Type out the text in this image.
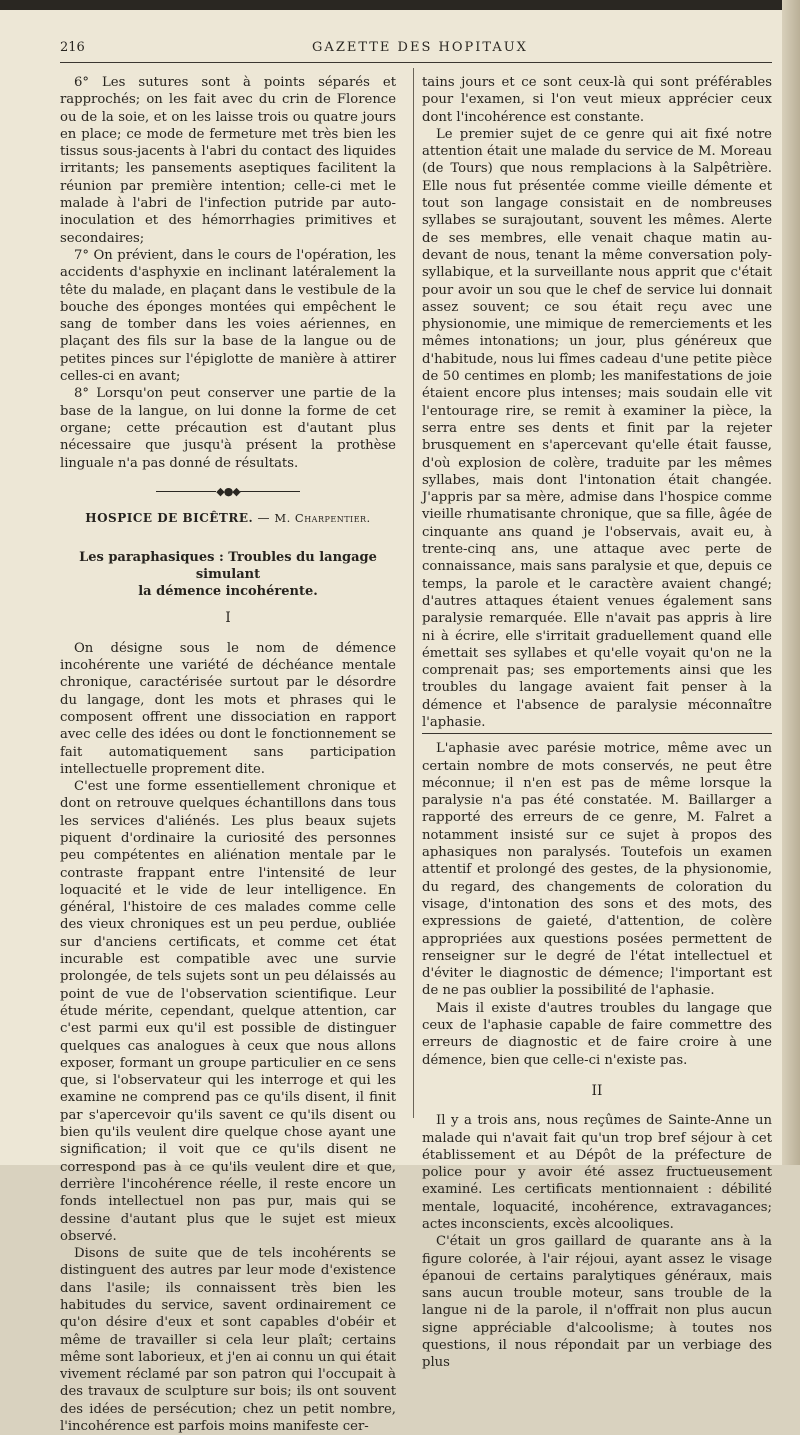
216	GAZETTE DES HOPITAUX

6° Les sutures sont à points séparés et rapprochés; on les fait avec du crin de Florence ou de la soie, et on les laisse trois ou quatre jours en place; ce mode de fermeture met très bien les tissus sous-jacents à l'abri du contact des liquides irritants; les pansements aseptiques facilitent la réunion par première intention; celle-ci met le malade à l'abri de l'infection putride par auto-inoculation et des hémorrhagies primitives et secondaires;

7° On prévient, dans le cours de l'opération, les accidents d'asphyxie en inclinant latéralement la tête du malade, en plaçant dans le vestibule de la bouche des éponges montées qui empêchent le sang de tomber dans les voies aériennes, en plaçant des fils sur la base de la langue ou de petites pinces sur l'épiglotte de manière à attirer celles-ci en avant;

8° Lorsqu'on peut conserver une partie de la base de la langue, on lui donne la forme de cet organe; cette précaution est d'autant plus nécessaire que jusqu'à présent la prothèse linguale n'a pas donné de résultats.

◆●◆
HOSPICE DE BICÊTRE. — M. Charpentier.
Les paraphasiques : Troubles du langage simulant
la démence incohérente.
I

On désigne sous le nom de démence incohérente une variété de déchéance mentale chronique, caractérisée surtout par le désordre du langage, dont les mots et phrases qui le composent offrent une dissociation en rapport avec celle des idées ou dont le fonctionnement se fait automatiquement sans participation intellectuelle proprement dite.

C'est une forme essentiellement chronique et dont on retrouve quelques échantillons dans tous les services d'aliénés. Les plus beaux sujets piquent d'ordinaire la curiosité des personnes peu compétentes en aliénation mentale par le contraste frappant entre l'intensité de leur loquacité et le vide de leur intelligence. En général, l'histoire de ces malades comme celle des vieux chroniques est un peu perdue, oubliée sur d'anciens certificats, et comme cet état incurable est compatible avec une survie prolongée, de tels sujets sont un peu délaissés au point de vue de l'observation scientifique. Leur étude mérite, cependant, quelque attention, car c'est parmi eux qu'il est possible de distinguer quelques cas analogues à ceux que nous allons exposer, formant un groupe particulier en ce sens que, si l'observateur qui les interroge et qui les examine ne comprend pas ce qu'ils disent, il finit par s'apercevoir qu'ils savent ce qu'ils disent ou bien qu'ils veulent dire quelque chose ayant une signification; il voit que ce qu'ils disent ne correspond pas à ce qu'ils veulent dire et que, derrière l'incohérence réelle, il reste encore un fonds intellectuel non pas pur, mais qui se dessine d'autant plus que le sujet est mieux observé.

Disons de suite que de tels incohérents se distinguent des autres par leur mode d'existence dans l'asile; ils connaissent très bien les habitudes du service, savent ordinairement ce qu'on désire d'eux et sont capables d'obéir et même de travailler si cela leur plaît; certains même sont laborieux, et j'en ai connu un qui était vivement réclamé par son patron qui l'occupait à des travaux de sculpture sur bois; ils ont souvent des idées de persécution; chez un petit nombre, l'incohérence est parfois moins manifeste cer-

tains jours et ce sont ceux-là qui sont préférables pour l'examen, si l'on veut mieux apprécier ceux dont l'incohérence est constante.

Le premier sujet de ce genre qui ait fixé notre attention était une malade du service de M. Moreau (de Tours) que nous remplacions à la Salpêtrière. Elle nous fut présentée comme vieille démente et tout son langage consistait en de nombreuses syllabes se surajoutant, souvent les mêmes. Alerte de ses membres, elle venait chaque matin au-devant de nous, tenant la même conversation poly-syllabique, et la surveillante nous apprit que c'était pour avoir un sou que le chef de service lui donnait assez souvent; ce sou était reçu avec une physionomie, une mimique de remerciements et les mêmes intonations; un jour, plus généreux que d'habitude, nous lui fîmes cadeau d'une petite pièce de 50 centimes en plomb; les manifestations de joie étaient encore plus intenses; mais soudain elle vit l'entourage rire, se remit à examiner la pièce, la serra entre ses dents et finit par la rejeter brusquement en s'apercevant qu'elle était fausse, d'où explosion de colère, traduite par les mêmes syllabes, mais dont l'intonation était changée. J'appris par sa mère, admise dans l'hospice comme vieille rhumatisante chronique, que sa fille, âgée de cinquante ans quand je l'observais, avait eu, à trente-cinq ans, une attaque avec perte de connaissance, mais sans paralysie et que, depuis ce temps, la parole et le caractère avaient changé; d'autres attaques étaient venues également sans paralysie remarquée. Elle n'avait pas appris à lire ni à écrire, elle s'irritait graduellement quand elle émettait ses syllabes et qu'elle voyait qu'on ne la comprenait pas; ses emportements ainsi que les troubles du langage avaient fait penser à la démence et l'absence de paralysie méconnaître l'aphasie.

L'aphasie avec parésie motrice, même avec un certain nombre de mots conservés, ne peut être méconnue; il n'en est pas de même lorsque la paralysie n'a pas été constatée. M. Baillarger a rapporté des erreurs de ce genre, M. Falret a notamment insisté sur ce sujet à propos des aphasiques non paralysés. Toutefois un examen attentif et prolongé des gestes, de la physionomie, du regard, des changements de coloration du visage, d'intonation des sons et des mots, des expressions de gaieté, d'attention, de colère appropriées aux questions posées permettent de renseigner sur le degré de l'état intellectuel et d'éviter le diagnostic de démence; l'important est de ne pas oublier la possibilité de l'aphasie.

Mais il existe d'autres troubles du langage que ceux de l'aphasie capable de faire commettre des erreurs de diagnostic et de faire croire à une démence, bien que celle-ci n'existe pas.

II

Il y a trois ans, nous reçûmes de Sainte-Anne un malade qui n'avait fait qu'un trop bref séjour à cet établissement et au Dépôt de la préfecture de police pour y avoir été assez fructueusement examiné. Les certificats mentionnaient : débilité mentale, loquacité, incohérence, extravagances; actes inconscients, excès alcooliques.

C'était un gros gaillard de quarante ans à la figure colorée, à l'air réjoui, ayant assez le visage épanoui de certains paralytiques généraux, mais sans aucun trouble moteur, sans trouble de la langue ni de la parole, il n'offrait non plus aucun signe appréciable d'alcoolisme; à toutes nos questions, il nous répondait par un verbiage des plus
